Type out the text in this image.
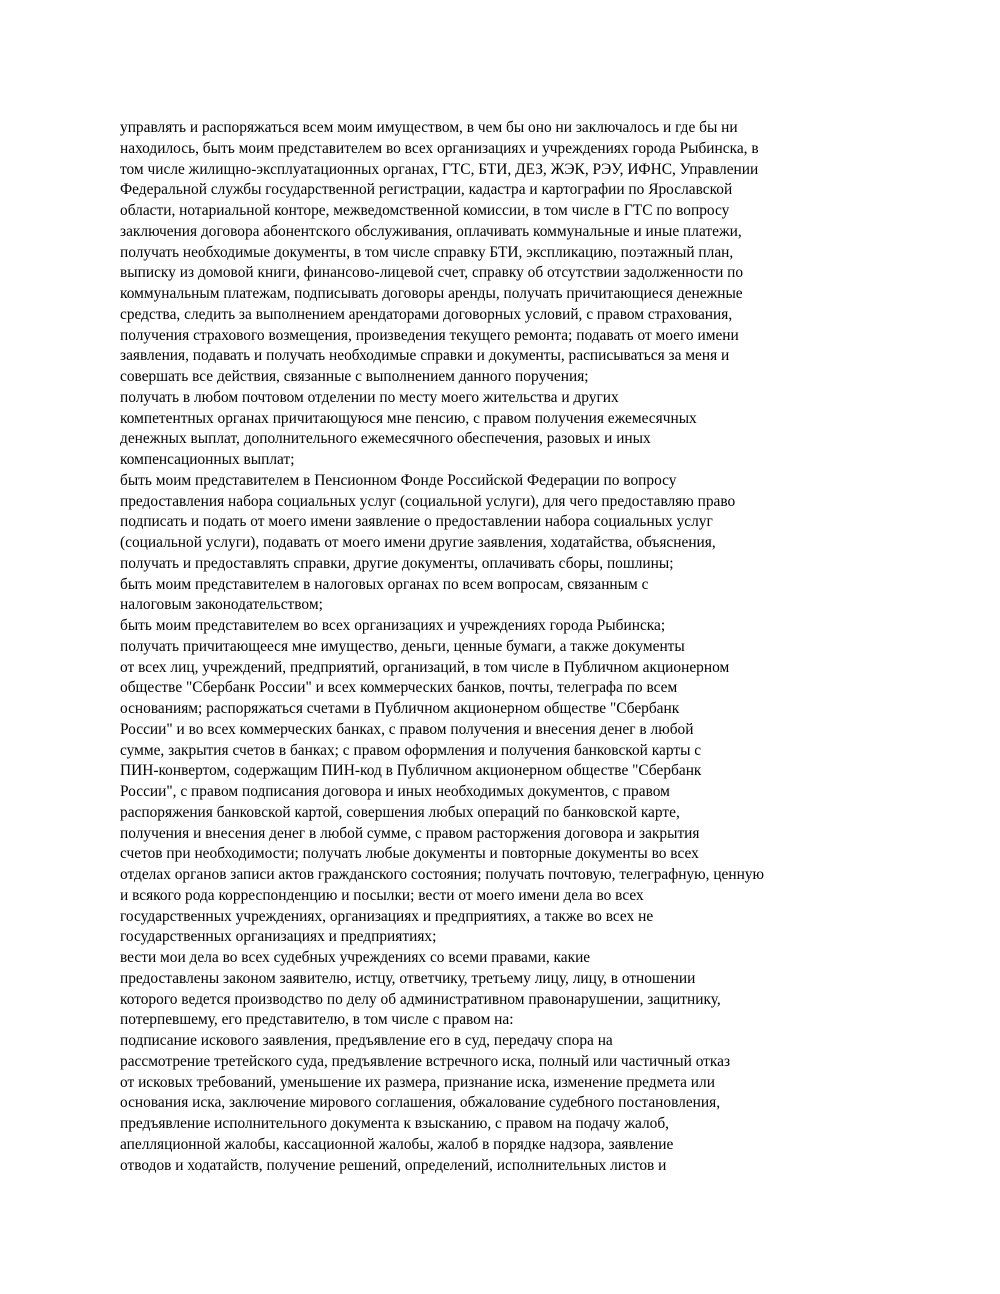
управлять и распоряжаться всем моим имуществом, в чем бы оно ни заключалось и где бы ни
находилось, быть моим представителем во всех организациях и учреждениях города Рыбинска, в
том числе жилищно-эксплуатационных органах, ГТС, БТИ, ДЕЗ, ЖЭК, РЭУ, ИФНС, Управлении
Федеральной службы государственной регистрации, кадастра и картографии по Ярославской
области, нотариальной конторе, межведомственной комиссии, в том числе в ГТС по вопросу
заключения договора абонентского обслуживания, оплачивать коммунальные и иные платежи,
получать необходимые документы, в том числе справку БТИ, экспликацию, поэтажный план,
выписку из домовой книги, финансово-лицевой счет, справку об отсутствии задолженности по
коммунальным платежам, подписывать договоры аренды, получать причитающиеся денежные
средства, следить за выполнением арендаторами договорных условий, с правом страхования,
получения страхового возмещения, произведения текущего ремонта; подавать от моего имени
заявления, подавать и получать необходимые справки и документы, расписываться за меня и
совершать все действия, связанные с выполнением данного поручения;
получать в любом почтовом отделении по месту моего жительства и других
компетентных органах причитающуюся мне пенсию, с правом получения ежемесячных
денежных выплат, дополнительного ежемесячного обеспечения, разовых и иных
компенсационных выплат;
быть моим представителем в Пенсионном Фонде Российской Федерации по вопросу
предоставления набора социальных услуг (социальной услуги), для чего предоставляю право
подписать и подать от моего имени заявление о предоставлении набора социальных услуг
(социальной услуги), подавать от моего имени другие заявления, ходатайства, объяснения,
получать и предоставлять справки, другие документы, оплачивать сборы, пошлины;
быть моим представителем в налоговых органах по всем вопросам, связанным с
налоговым законодательством;
быть моим представителем во всех организациях и учреждениях города Рыбинска;
получать причитающееся мне имущество, деньги, ценные бумаги, а также документы
от всех лиц, учреждений, предприятий, организаций, в том числе в Публичном акционерном
обществе "Сбербанк России" и всех коммерческих банков, почты, телеграфа по всем
основаниям; распоряжаться счетами в Публичном акционерном обществе "Сбербанк
России" и во всех коммерческих банках, с правом получения и внесения денег в любой
сумме, закрытия счетов в банках; с правом оформления и получения банковской карты с
ПИН-конвертом, содержащим ПИН-код в Публичном акционерном обществе "Сбербанк
России", с правом подписания договора и иных необходимых документов, с правом
распоряжения банковской картой, совершения любых операций по банковской карте,
получения и внесения денег в любой сумме, с правом расторжения договора и закрытия
счетов при необходимости; получать любые документы и повторные документы во всех
отделах органов записи актов гражданского состояния; получать почтовую, телеграфную, ценную
и всякого рода корреспонденцию и посылки; вести от моего имени дела во всех
государственных учреждениях, организациях и предприятиях, а также во всех не
государственных организациях и предприятиях;
вести мои дела во всех судебных учреждениях со всеми правами, какие
предоставлены законом заявителю, истцу, ответчику, третьему лицу, лицу, в отношении
которого ведется производство по делу об административном правонарушении, защитнику,
потерпевшему, его представителю, в том числе с правом на:
подписание искового заявления, предъявление его в суд, передачу спора на
рассмотрение третейского суда, предъявление встречного иска, полный или частичный отказ
от исковых требований, уменьшение их размера, признание иска, изменение предмета или
основания иска, заключение мирового соглашения, обжалование судебного постановления,
предъявление исполнительного документа к взысканию, с правом на подачу жалоб,
апелляционной жалобы, кассационной жалобы, жалоб в порядке надзора, заявление
отводов и ходатайств, получение решений, определений, исполнительных листов и
